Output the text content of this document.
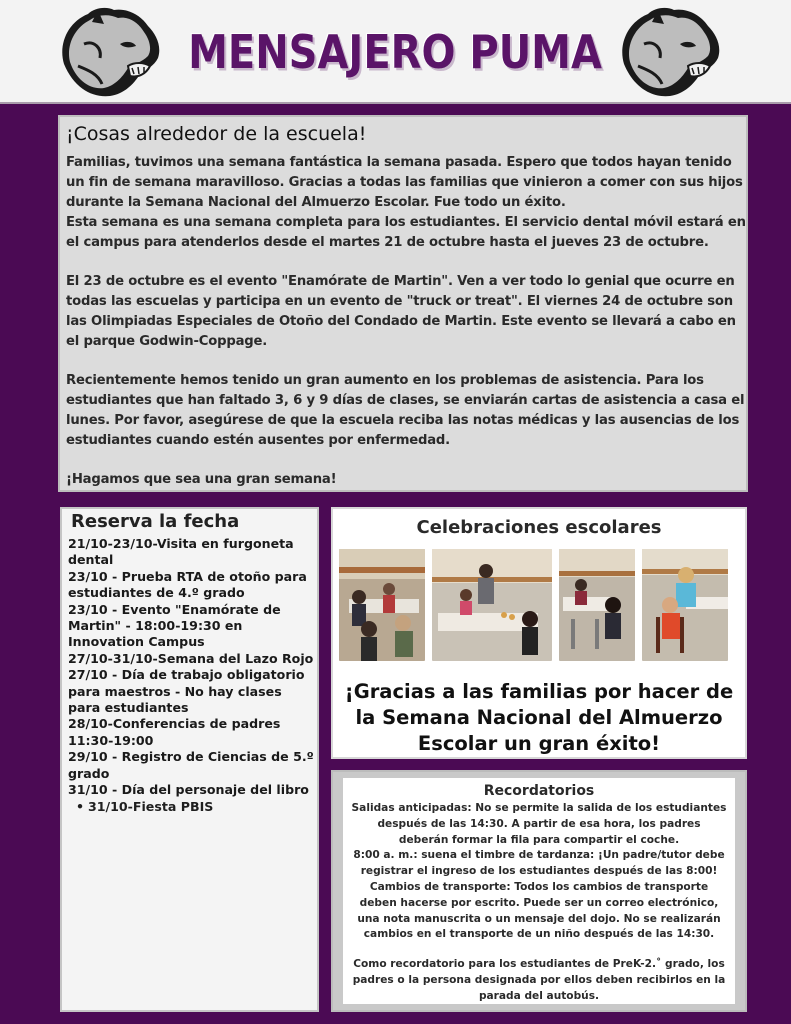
MENSAJERO PUMA
¡Cosas alrededor de la escuela!

Familias, tuvimos una semana fantástica la semana pasada. Espero que todos hayan tenido un fin de semana maravilloso. Gracias a todas las familias que vinieron a comer con sus hijos durante la Semana Nacional del Almuerzo Escolar. Fue todo un éxito.

Esta semana es una semana completa para los estudiantes. El servicio dental móvil estará en el campus para atenderlos desde el martes 21 de octubre hasta el jueves 23 de octubre.

El 23 de octubre es el evento "Enamórate de Martin". Ven a ver todo lo genial que ocurre en todas las escuelas y participa en un evento de "truck or treat". El viernes 24 de octubre son las Olimpiadas Especiales de Otoño del Condado de Martin. Este evento se llevará a cabo en el parque Godwin-Coppage.

Recientemente hemos tenido un gran aumento en los problemas de asistencia. Para los estudiantes que han faltado 3, 6 y 9 días de clases, se enviarán cartas de asistencia a casa el lunes. Por favor, asegúrese de que la escuela reciba las notas médicas y las ausencias de los estudiantes cuando estén ausentes por enfermedad.

¡Hagamos que sea una gran semana!

Reserva la fecha
21/10-23/10-Visita en furgoneta dental
23/10 - Prueba RTA de otoño para estudiantes de 4.º grado
23/10 - Evento "Enamórate de Martin" - 18:00-19:30 en Innovation Campus
27/10-31/10-Semana del Lazo Rojo
27/10 - Día de trabajo obligatorio para maestros - No hay clases para estudiantes
28/10-Conferencias de padres 11:30-19:00
29/10 - Registro de Ciencias de 5.º grado
31/10 - Día del personaje del libro
• 31/10-Fiesta PBIS
Celebraciones escolares
¡Gracias a las familias por hacer de la Semana Nacional del Almuerzo Escolar un gran éxito!
Recordatorios

Salidas anticipadas: No se permite la salida de los estudiantes después de las 14:30. A partir de esa hora, los padres deberán formar la fila para compartir el coche.

8:00 a. m.: suena el timbre de tardanza: ¡Un padre/tutor debe registrar el ingreso de los estudiantes después de las 8:00!

Cambios de transporte: Todos los cambios de transporte deben hacerse por escrito. Puede ser un correo electrónico, una nota manuscrita o un mensaje del dojo. No se realizarán cambios en el transporte de un niño después de las 14:30.

Como recordatorio para los estudiantes de PreK-2.˚ grado, los padres o la persona designada por ellos deben recibirlos en la parada del autobús.
